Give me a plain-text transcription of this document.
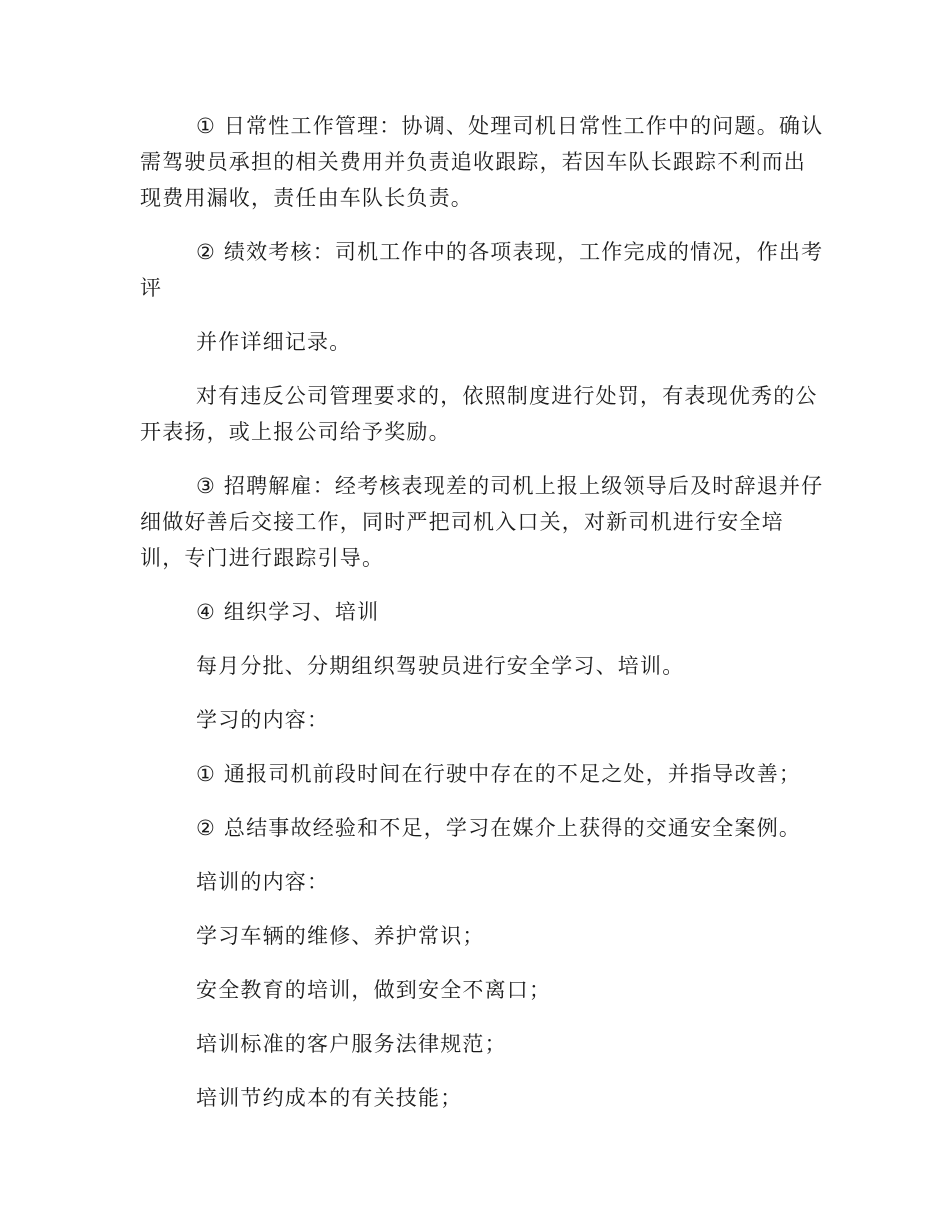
① 日常性工作管理：协调、处理司机日常性工作中的问题。确认
需驾驶员承担的相关费用并负责追收跟踪，若因车队长跟踪不利而出
现费用漏收，责任由车队长负责。
② 绩效考核：司机工作中的各项表现，工作完成的情况，作出考
评

并作详细记录。

对有违反公司管理要求的，依照制度进行处罚，有表现优秀的公
开表扬，或上报公司给予奖励。
③ 招聘解雇：经考核表现差的司机上报上级领导后及时辞退并仔
细做好善后交接工作，同时严把司机入口关，对新司机进行安全培
训，专门进行跟踪引导。

④ 组织学习、培训

每月分批、分期组织驾驶员进行安全学习、培训。

学习的内容：

① 通报司机前段时间在行驶中存在的不足之处，并指导改善；

② 总结事故经验和不足，学习在媒介上获得的交通安全案例。

培训的内容：

学习车辆的维修、养护常识；

安全教育的培训，做到安全不离口；

培训标准的客户服务法律规范；

培训节约成本的有关技能；
